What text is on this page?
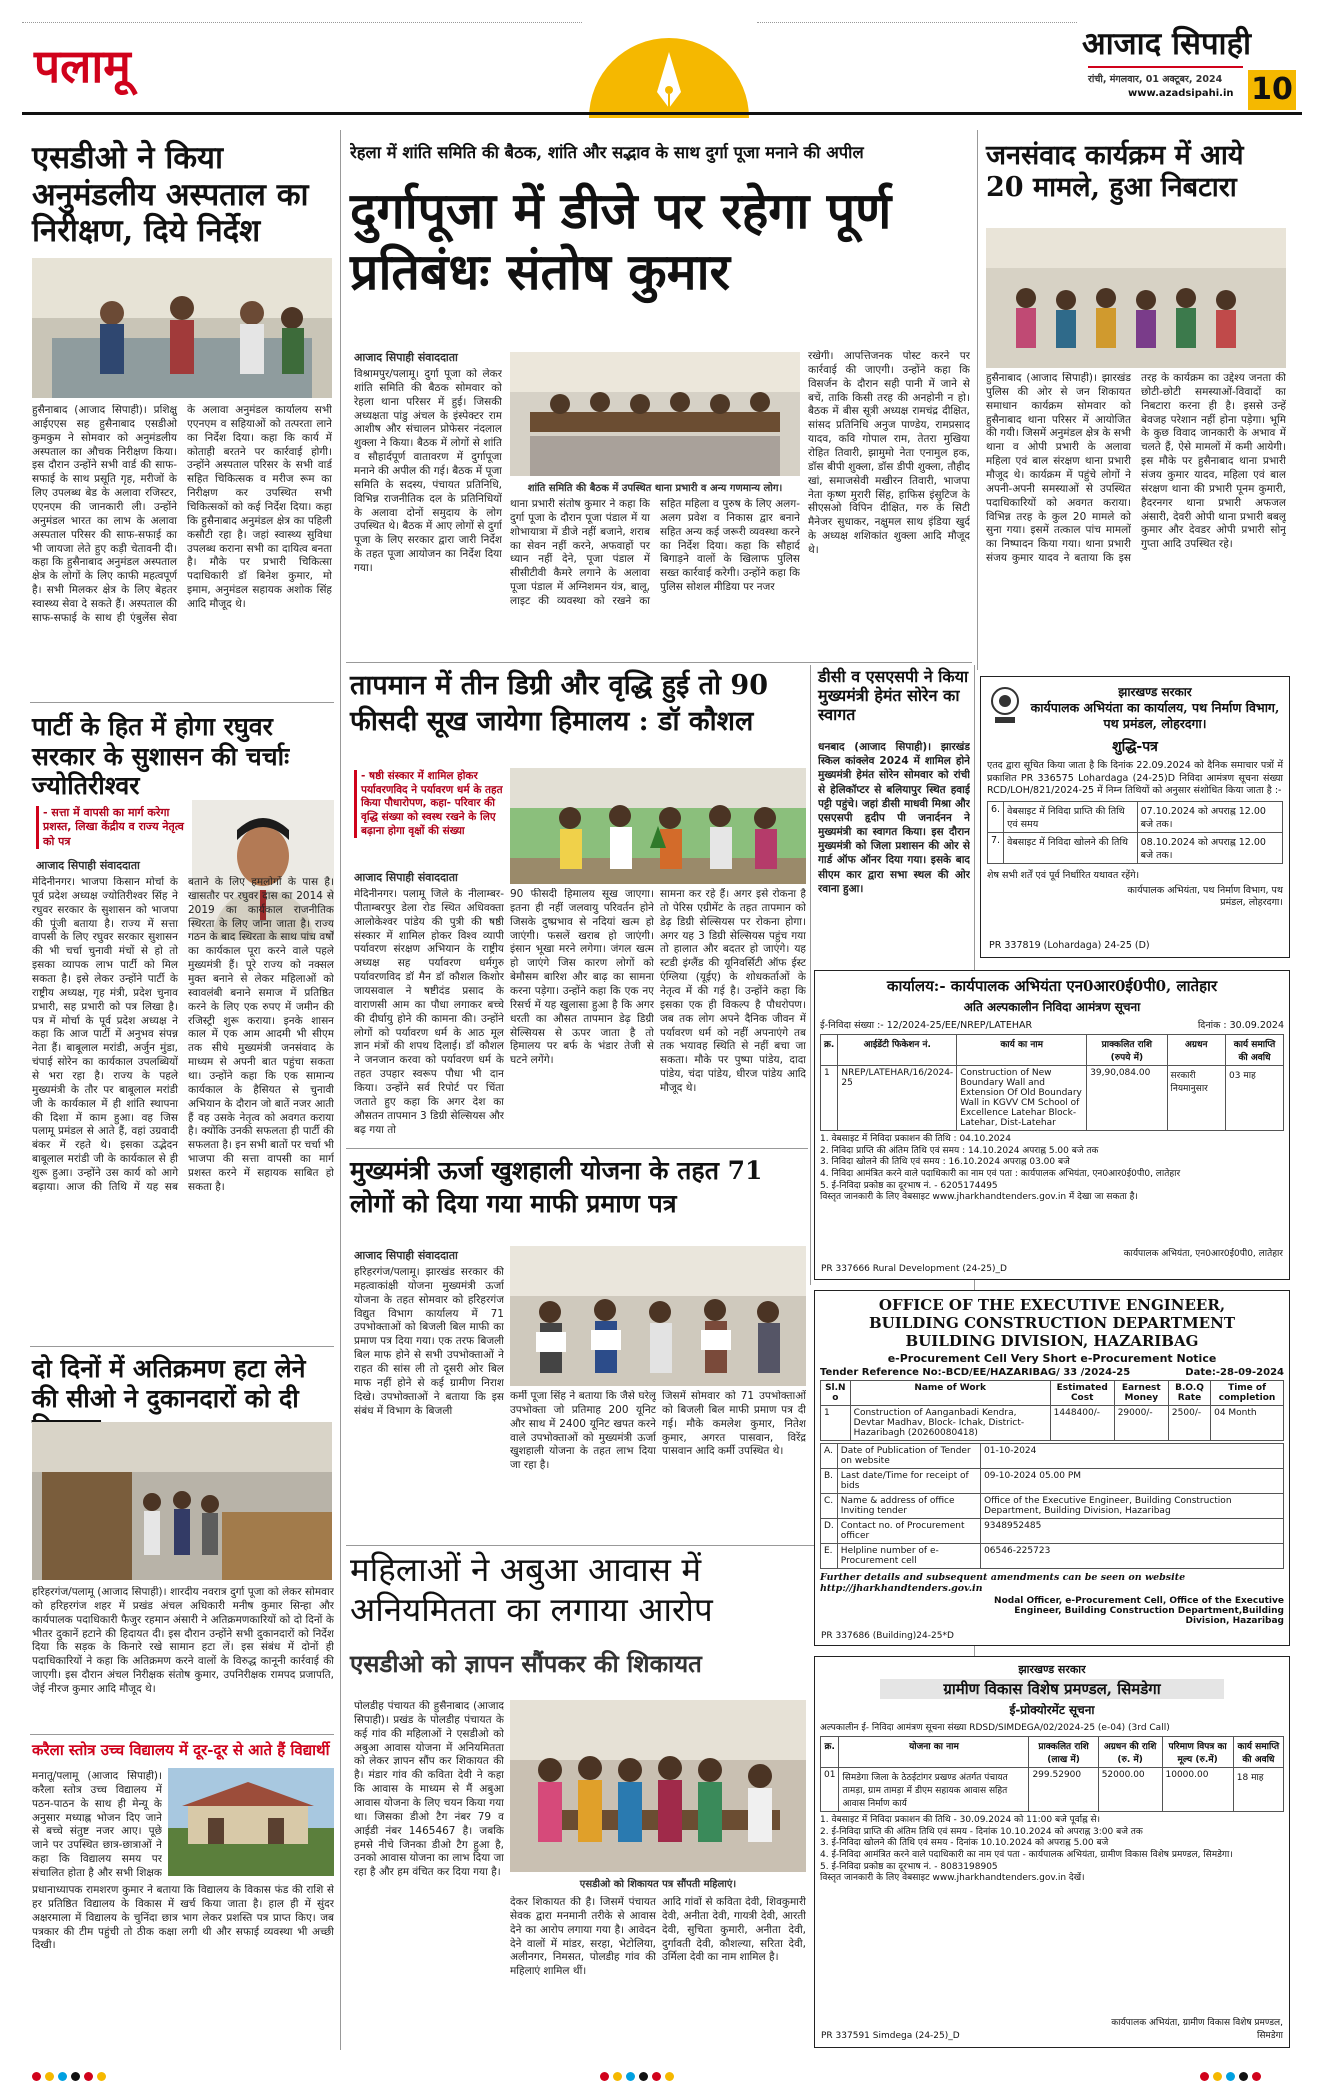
पलामू	आजाद सिपाही
रांची, मंगलवार, 01 अक्टूबर, 2024
www.azadsipahi.in 10
एसडीओ ने किया अनुमंडलीय अस्पताल का निरीक्षण, दिये निर्देश
हुसैनाबाद (आजाद सिपाही)। प्रशिक्षु आईएएस सह हुसैनाबाद एसडीओ कुमकुम ने सोमवार को अनुमंडलीय अस्पताल का औचक निरीक्षण किया। इस दौरान उन्होंने सभी वार्ड की साफ-सफाई के साथ प्रसूति गृह, मरीजों के लिए उपलब्ध बेड के अलावा रजिस्टर, एएनएम की जानकारी ली। उन्होंने अनुमंडल भारत का लाभ के अलावा अस्पताल परिसर की साफ-सफाई का भी जायजा लेते हुए कड़ी चेतावनी दी। कहा कि हुसैनाबाद अनुमंडल अस्पताल क्षेत्र के लोगों के लिए काफी महत्वपूर्ण है। सभी मिलकर क्षेत्र के लिए बेहतर स्वास्थ्य सेवा दे सकते हैं। अस्पताल की साफ-सफाई के साथ ही एंबुलेंस सेवा के अलावा अनुमंडल कार्यालय सभी एएनएम व सहियाओं को तत्परता लाने का निर्देश दिया। कहा कि कार्य में कोताही बरतने पर कार्रवाई होगी। उन्होंने अस्पताल परिसर के सभी वार्ड सहित चिकित्सक व मरीज रूम का निरीक्षण कर उपस्थित सभी चिकित्सकों को कई निर्देश दिया। कहा कि हुसैनाबाद अनुमंडल क्षेत्र का पहिली कसौटी रहा है। जहां स्वास्थ्य सुविधा उपलब्ध कराना सभी का दायित्व बनता है। मौके पर प्रभारी चिकित्सा पदाधिकारी डॉ बिनेश कुमार, मो इमाम, अनुमंडल सहायक अशोक सिंह आदि मौजूद थे।
पार्टी के हित में होगा रघुवर सरकार के सुशासन की चर्चाः ज्योतिरीश्वर
- सत्ता में वापसी का मार्ग करेगा प्रशस्त, लिखा केंद्रीय व राज्य नेतृत्व को पत्र
आजाद सिपाही संवाददाता
मेदिनीनगर। भाजपा किसान मोर्चा के पूर्व प्रदेश अध्यक्ष ज्योतिरीश्वर सिंह ने रघुवर सरकार के सुशासन को भाजपा की पूंजी बताया है। राज्य में सत्ता वापसी के लिए रघुवर सरकार सुशासन की भी चर्चा चुनावी मंचों से हो तो इसका व्यापक लाभ पार्टी को मिल सकता है। इसे लेकर उन्होंने पार्टी के राष्ट्रीय अध्यक्ष, गृह मंत्री, प्रदेश चुनाव प्रभारी, सह प्रभारी को पत्र लिखा है। पत्र में मोर्चा के पूर्व प्रदेश अध्यक्ष ने कहा कि आज पार्टी में अनुभव संपन्न नेता हैं। बाबूलाल मरांडी, अर्जुन मुंडा, चंपाई सोरेन का कार्यकाल उपलब्धियों से भरा रहा है। राज्य के पहले मुख्यमंत्री के तौर पर बाबूलाल मरांडी जी के कार्यकाल में ही शांति स्थापना की दिशा में काम हुआ। वह जिस पलामू प्रमंडल से आते हैं, वहां उग्रवादी बंकर में रहते थे। इसका उद्भेदन बाबूलाल मरांडी जी के कार्यकाल से ही शुरू हुआ। उन्होंने उस कार्य को आगे बढ़ाया। आज की तिथि में यह सब बताने के लिए हमलोगों के पास है। खासतौर पर रघुवर दास का 2014 से 2019 का कार्यकाल राजनीतिक स्थिरता के लिए जाना जाता है। राज्य गठन के बाद स्थिरता के साथ पांच वर्षों का कार्यकाल पूरा करने वाले पहले मुख्यमंत्री हैं। पूरे राज्य को नक्सल मुक्त बनाने से लेकर महिलाओं को स्वावलंबी बनाने समाज में प्रतिष्ठित करने के लिए एक रुपए में जमीन की रजिस्ट्री शुरू कराया। इनके शासन काल में एक आम आदमी भी सीएम तक सीधे मुख्यमंत्री जनसंवाद के माध्यम से अपनी बात पहुंचा सकता था। उन्होंने कहा कि एक सामान्य कार्यकाल के हैसियत से चुनावी अभियान के दौरान जो बातें नजर आती हैं वह उसके नेतृत्व को अवगत कराया है। क्योंकि उनकी सफलता ही पार्टी की सफलता है। इन सभी बातों पर चर्चा भी भाजपा की सत्ता वापसी का मार्ग प्रशस्त करने में सहायक साबित हो सकता है।
दो दिनों में अतिक्रमण हटा लेने की सीओ ने दुकानदारों को दी
हरिहरगंज/पलामू (आजाद सिपाही)। शारदीय नवरात्र दुर्गा पूजा को लेकर सोमवार को हरिहरगंज शहर में प्रखंड अंचल अधिकारी मनीष कुमार सिन्हा और कार्यपालक पदाधिकारी फैजुर रहमान अंसारी ने अतिक्रमणकारियों को दो दिनों के भीतर दुकानें हटाने की हिदायत दी। इस दौरान उन्होंने सभी दुकानदारों को निर्देश दिया कि सड़क के किनारे रखे सामान हटा लें। इस संबंध में दोनों ही पदाधिकारियों ने कहा कि अतिक्रमण करने वालों के विरुद्ध कानूनी कार्रवाई की जाएगी। इस दौरान अंचल निरीक्षक संतोष कुमार, उपनिरीक्षक रामपद प्रजापति, जेई नीरज कुमार आदि मौजूद थे।
करैला स्तोत्र उच्च विद्यालय में दूर-दूर से आते हैं विद्यार्थी
मनातू/पलामू (आजाद सिपाही)। करैला स्तोत्र उच्च विद्यालय में पठन-पाठन के साथ ही मेन्यू के अनुसार मध्याह्न भोजन दिए जाने से बच्चे संतुष्ट नजर आए। पूछे जाने पर उपस्थित छात्र-छात्राओं ने कहा कि विद्यालय समय पर संचालित होता है और सभी शिक्षक
प्रधानाध्यापक रामशरण कुमार ने बताया कि विद्यालय के विकास फंड की राशि से हर प्रतिष्ठित विद्यालय के विकास में खर्च किया जाता है। हाल ही में सुंदर अक्षरमाला में विद्यालय के चुनिंदा छात्र भाग लेकर प्रशस्ति पत्र प्राप्त किए। जब पत्रकार की टीम पहुंची तो ठीक कक्षा लगी थी और सफाई व्यवस्था भी अच्छी दिखी।
रेहला में शांति समिति की बैठक, शांति और सद्भाव के साथ दुर्गा पूजा मनाने की अपील
दुर्गापूजा में डीजे पर रहेगा पूर्ण प्रतिबंधः संतोष कुमार
आजाद सिपाही संवाददाता
विश्रामपुर/पलामू। दुर्गा पूजा को लेकर शांति समिति की बैठक सोमवार को रेहला थाना परिसर में हुई। जिसकी अध्यक्षता पांडु अंचल के इंस्पेक्टर राम आशीष और संचालन प्रोफेसर नंदलाल शुक्ला ने किया। बैठक में लोगों से शांति व सौहार्दपूर्ण वातावरण में दुर्गापूजा मनाने की अपील की गई। बैठक में पूजा समिति के सदस्य, पंचायत प्रतिनिधि, विभिन्न राजनीतिक दल के प्रतिनिधियों के अलावा दोनों समुदाय के लोग उपस्थित थे। बैठक में आए लोगों से दुर्गा पूजा के लिए सरकार द्वारा जारी निर्देश के तहत पूजा आयोजन का निर्देश दिया गया।
शांति समिति की बैठक में उपस्थित थाना प्रभारी व अन्य गणमान्य लोग।
थाना प्रभारी संतोष कुमार ने कहा कि दुर्गा पूजा के दौरान पूजा पंडाल में या शोभायात्रा में डीजे नहीं बजाने, शराब का सेवन नहीं करने, अफवाहों पर ध्यान नहीं देने, पूजा पंडाल में सीसीटीवी कैमरे लगाने के अलावा पूजा पंडाल में अग्निशमन यंत्र, बालू, लाइट की व्यवस्था को रखने का सहित महिला व पुरुष के लिए अलग-अलग प्रवेश व निकास द्वार बनाने सहित अन्य कई जरूरी व्यवस्था करने का निर्देश दिया। कहा कि सौहार्द बिगाड़ने वालों के खिलाफ पुलिस सख्त कार्रवाई करेगी। उन्होंने कहा कि पुलिस सोशल मीडिया पर नजर
रखेगी। आपत्तिजनक पोस्ट करने पर कार्रवाई की जाएगी। उन्होंने कहा कि विसर्जन के दौरान सही पानी में जाने से बचें, ताकि किसी तरह की अनहोनी न हो। बैठक में बीस सूत्री अध्यक्ष रामचंद्र दीक्षित, सांसद प्रतिनिधि अनुज पाण्डेय, रामप्रसाद यादव, कवि गोपाल राम, तेतरा मुखिया रोहित तिवारी, झामुमो नेता एनामुल हक, डॉस बीपी शुक्ला, डॉस डीपी शुक्ला, तौहीद खां, समाजसेवी मखीरन तिवारी, भाजपा नेता कृष्ण मुरारी सिंह, हाफिस इंसुटिज के सीएसओ विपिन दीक्षित, गरु के सिटी मैनेजर सुधाकर, नक्षुमल साथ इंडिया खुर्द के अध्यक्ष शशिकांत शुक्ला आदि मौजूद थे।
जनसंवाद कार्यक्रम में आये 20 मामले, हुआ निबटारा
हुसैनाबाद (आजाद सिपाही)। झारखंड पुलिस की ओर से जन शिकायत समाधान कार्यक्रम सोमवार को हुसैनाबाद थाना परिसर में आयोजित की गयी। जिसमें अनुमंडल क्षेत्र के सभी थाना व ओपी प्रभारी के अलावा महिला एवं बाल संरक्षण थाना प्रभारी मौजूद थे। कार्यक्रम में पहुंचे लोगों ने अपनी-अपनी समस्याओं से उपस्थित पदाधिकारियों को अवगत कराया। विभिन्न तरह के कुल 20 मामले को सुना गया। इसमें तत्काल पांच मामलों का निष्पादन किया गया। थाना प्रभारी संजय कुमार यादव ने बताया कि इस तरह के कार्यक्रम का उद्देश्य जनता की छोटी-छोटी समस्याओं-विवादों का निबटारा करना ही है। इससे उन्हें बेवजह परेशान नहीं होना पड़ेगा। भूमि के कुछ विवाद जानकारी के अभाव में चलते हैं, ऐसे मामलों में कमी आयेगी। इस मौके पर हुसैनाबाद थाना प्रभारी संजय कुमार यादव, महिला एवं बाल संरक्षण थाना की प्रभारी पूनम कुमारी, हैदरनगर थाना प्रभारी अफजल अंसारी, देवरी ओपी थाना प्रभारी बबलू कुमार और देवडर ओपी प्रभारी सोनू गुप्ता आदि उपस्थित रहे।
तापमान में तीन डिग्री और वृद्धि हुई तो 90 फीसदी सूख जायेगा हिमालय : डॉ कौशल
- षष्ठी संस्कार में शामिल होकर पर्यावरणविद ने पर्यावरण धर्म के तहत किया पौधारोपण, कहा- परिवार की वृद्धि संख्या को स्वस्थ रखने के लिए बढ़ाना होगा वृक्षों की संख्या
आजाद सिपाही संवाददाता
मेदिनीनगर। पलामू जिले के नीलाम्बर-पीताम्बरपुर डेला रोड स्थित अधिवक्ता आलोकेश्वर पांडेय की पुत्री की षष्ठी संस्कार में शामिल होकर विश्व व्यापी पर्यावरण संरक्षण अभियान के राष्ट्रीय अध्यक्ष सह पर्यावरण धर्मगुरु पर्यावरणविद डॉ मैन डॉ कौशल किशोर जायसवाल ने षष्टीदंड प्रसाद के वाराणसी आम का पौधा लगाकर बच्चे की दीर्घायु होने की कामना की। उन्होंने लोगों को पर्यावरण धर्म के आठ मूल ज्ञान मंत्रों की शपथ दिलाई। डॉ कौशल ने जनजान करवा को पर्यावरण धर्म के तहत उपहार स्वरूप पौधा भी दान किया। उन्होंने सर्व रिपोर्ट पर चिंता जताते हुए कहा कि अगर देश का औसतन तापमान 3 डिग्री सेल्सियस और बढ़ गया तो
90 फीसदी हिमालय सूख जाएगा। इतना ही नहीं जलवायु परिवर्तन होने जिसके दुष्प्रभाव से नदियां खत्म हो जाएंगी। फसलें खराब हो जाएंगी। इंसान भूखा मरने लगेगा। जंगल खत्म हो जाएंगे जिस कारण लोगों को बेमौसम बारिश और बाढ़ का सामना करना पड़ेगा। उन्होंने कहा कि एक नए रिसर्च में यह खुलासा हुआ है कि अगर धरती का औसत तापमान डेढ़ डिग्री सेल्सियस से ऊपर जाता है तो हिमालय पर बर्फ के भंडार तेजी से घटने लगेंगे।
सामना कर रहे हैं। अगर इसे रोकना है तो पेरिस एग्रीमेंट के तहत तापमान को डेढ़ डिग्री सेल्सियस पर रोकना होगा। अगर यह 3 डिग्री सेल्सियस पहुंच गया तो हालात और बदतर हो जाएंगे। यह स्टडी इंग्लैंड की यूनिवर्सिटी ऑफ ईस्ट एंग्लिया (यूईए) के शोधकर्ताओं के नेतृत्व में की गई है। उन्होंने कहा कि इसका एक ही विकल्प है पौधरोपण। जब तक लोग अपने दैनिक जीवन में पर्यावरण धर्म को नहीं अपनाएंगे तब तक भयावह स्थिति से नहीं बचा जा सकता। मौके पर पुष्पा पांडेय, दादा पांडेय, चंदा पांडेय, धीरज पांडेय आदि मौजूद थे।
डीसी व एसएसपी ने किया मुख्यमंत्री हेमंत सोरेन का स्वागत
धनबाद (आजाद सिपाही)। झारखंड स्किल कांक्लेव 2024 में शामिल होने मुख्यमंत्री हेमंत सोरेन सोमवार को रांची से हेलिकॉप्टर से बलियापुर स्थित हवाई पट्टी पहुंचे। जहां डीसी माधवी मिश्रा और एसएसपी हृदीप पी जनार्दनन ने मुख्यमंत्री का स्वागत किया। इस दौरान मुख्यमंत्री को जिला प्रशासन की ओर से गार्ड ऑफ ऑनर दिया गया। इसके बाद सीएम कार द्वारा सभा स्थल की ओर रवाना हुआ।
मुख्यमंत्री ऊर्जा खुशहाली योजना के तहत 71 लोगों को दिया गया माफी प्रमाण पत्र
आजाद सिपाही संवाददाता
हरिहरगंज/पलामू। झारखंड सरकार की महत्वाकांक्षी योजना मुख्यमंत्री ऊर्जा योजना के तहत सोमवार को हरिहरगंज विद्युत विभाग कार्यालय में 71 उपभोक्ताओं को बिजली बिल माफी का प्रमाण पत्र दिया गया। एक तरफ बिजली बिल माफ होने से सभी उपभोक्ताओं ने राहत की सांस ली तो दूसरी ओर बिल माफ नहीं होने से कई ग्रामीण निराश दिखे। उपभोक्ताओं ने बताया कि इस संबंध में विभाग के बिजली
कर्मी पूजा सिंह ने बताया कि जैसे घरेलू उपभोक्ता जो प्रतिमाह 200 यूनिट और साथ में 2400 यूनिट खपत करने वाले उपभोक्ताओं को मुख्यमंत्री ऊर्जा खुशहाली योजना के तहत लाभ दिया जा रहा है।
जिसमें सोमवार को 71 उपभोक्ताओं को बिजली बिल माफी प्रमाण पत्र दी गई। मौके कमलेश कुमार, नितेश कुमार, अगरत पासवान, विरेंद्र पासवान आदि कर्मी उपस्थित थे।
महिलाओं ने अबुआ आवास में अनियमितता का लगाया आरोप
एसडीओ को ज्ञापन सौंपकर की शिकायत
पोलडीह पंचायत की हुसैनाबाद (आजाद सिपाही)। प्रखंड के पोलडीह पंचायत के कई गांव की महिलाओं ने एसडीओ को अबुआ आवास योजना में अनियमितता को लेकर ज्ञापन सौंप कर शिकायत की है। मंडार गांव की कविता देवी ने कहा कि आवास के माध्यम से मैं अबुआ आवास योजना के लिए चयन किया गया था। जिसका डीओ टैग नंबर 79 व आईडी नंबर 1465467 है। जबकि हमसे नीचे जिनका डीओ टैग हुआ है, उनको आवास योजना का लाभ दिया जा रहा है और हम वंचित कर दिया गया है।
एसडीओ को शिकायत पत्र सौंपती महिलाएं।
देकर शिकायत की है। जिसमें पंचायत सेवक द्वारा मनमानी तरीके से आवास देने का आरोप लगाया गया है। आवेदन देने वालों में मांडर, सरहा, भेटोलिया, अलीनगर, निमसत, पोलडीह गांव की महिलाएं शामिल थीं।
आदि गांवों से कविता देवी, शिवकुमारी देवी, अनीता देवी, गायत्री देवी, आरती देवी, सुचिता कुमारी, अनीता देवी, दुर्गावती देवी, कौशल्या, सरिता देवी, उर्मिला देवी का नाम शामिल है।
झारखण्ड सरकार
कार्यपालक अभियंता का कार्यालय, पथ निर्माण विभाग, पथ प्रमंडल, लोहरदगा।
शुद्धि-पत्र
एतद द्वारा सूचित किया जाता है कि दिनांक 22.09.2024 को दैनिक समाचार पत्रों में प्रकाशित PR 336575 Lohardaga (24-25)D निविदा आमंत्रण सूचना संख्या RCD/LOH/821/2024-25 में निम्न तिथियों को अनुसार संशोधित किया जाता है :-
6.	वेबसाइट में निविदा प्राप्ति की तिथि एवं समय	07.10.2024 को अपराह्न 12.00 बजे तक।
7.	वेबसाइट में निविदा खोलने की तिथि	08.10.2024 को अपराह्न 12.00 बजे तक।
शेष सभी शर्तें एवं पूर्व निर्धारित यथावत रहेंगे।
कार्यपालक अभियंता, पथ निर्माण विभाग, पथ प्रमंडल, लोहरदगा।
PR 337819 (Lohardaga) 24-25 (D)
कार्यालय:- कार्यपालक अभियंता एन0आर0ई0पी0, लातेहार
अति अल्पकालीन निविदा आमंत्रण सूचना
ई-निविदा संख्या :- 12/2024-25/EE/NREP/LATEHAR	दिनांक : 30.09.2024
क्र.	आईडेंटी फिकेशन नं.	कार्य का नाम	प्राक्कलित राशि (रुपये में)	अग्रधन	कार्य समाप्ति की अवधि
1	NREP/LATEHAR/16/2024-25	Construction of New Boundary Wall and Extension Of Old Boundary Wall in KGVV CM School of Excellence Latehar Block-Latehar, Dist-Latehar	39,90,084.00	सरकारी नियमानुसार	03 माह
1. वेबसाइट में निविदा प्रकाशन की तिथि : 04.10.2024
2. निविदा प्राप्ति की अंतिम तिथि एवं समय : 14.10.2024 अपराह्न 5.00 बजे तक
3. निविदा खोलने की तिथि एवं समय : 16.10.2024 अपराह्न 03.00 बजे
4. निविदा आमंत्रित करने वाले पदाधिकारी का नाम एवं पता : कार्यपालक अभियंता, एन0आर0ई0पी0, लातेहार
5. ई-निविदा प्रकोष्ठ का दूरभाष नं. - 6205174495
विस्तृत जानकारी के लिए वेबसाइट www.jharkhandtenders.gov.in में देखा जा सकता है।
कार्यपालक अभियंता, एन0आर0ई0पी0, लातेहार
PR 337666 Rural Development (24-25)_D
OFFICE OF THE EXECUTIVE ENGINEER,
BUILDING CONSTRUCTION DEPARTMENT
BUILDING DIVISION, HAZARIBAG
e-Procurement Cell Very Short e-Procurement Notice
Tender Reference No:-BCD/EE/HAZARIBAG/ 33 /2024-25	Date:-28-09-2024
Sl.N o	Name of Work	Estimated Cost	Earnest Money	B.O.Q Rate	Time of completion
1	Construction of Aanganbadi Kendra, Devtar Madhav, Block- Ichak, District- Hazaribagh (20260080418)	1448400/-	29000/-	2500/-	04 Month
A.	Date of Publication of Tender on website	01-10-2024
B.	Last date/Time for receipt of bids	09-10-2024 05.00 PM
C.	Name & address of office Inviting tender	Office of the Executive Engineer, Building Construction Department, Building Division, Hazaribag
D.	Contact no. of Procurement officer	9348952485
E.	Helpline number of e-Procurement cell	06546-225723
Further details and subsequent amendments can be seen on website http://jharkhandtenders.gov.in
Nodal Officer, e-Procurement Cell, Office of the Executive Engineer, Building Construction Department,Building Division, Hazaribag
PR 337686 (Building)24-25*D
झारखण्ड सरकार
ग्रामीण विकास विशेष प्रमण्डल, सिमडेगा
ई-प्रोक्योरमेंट सूचना
अल्पकालीन ई- निविदा आमंत्रण सूचना संख्या RDSD/SIMDEGA/02/2024-25 (e-04) (3rd Call)
क्र.	योजना का नाम	प्राक्कलित राशि (लाख में)	अग्रधन की राशि (रु. में)	परिमाण विपत्र का मूल्य (रु.में)	कार्य समाप्ति की अवधि
01	सिमडेगा जिला के ठेठईटांगर प्रखण्ड अंतर्गत पंचायत तामड़ा, ग्राम तामड़ा में डीएम सहायक आवास सहित आवास निर्माण कार्य	299.52900	52000.00	10000.00	18 माह
1. वेबसाइट में निविदा प्रकाशन की तिथि - 30.09.2024 को 11:00 बजे पूर्वाह्न से।
2. ई-निविदा प्राप्ति की अंतिम तिथि एवं समय - दिनांक 10.10.2024 को अपराह्न 3:00 बजे तक
3. ई-निविदा खोलने की तिथि एवं समय - दिनांक 10.10.2024 को अपराह्न 5.00 बजे
4. ई-निविदा आमंत्रित करने वाले पदाधिकारी का नाम एवं पता - कार्यपालक अभियंता, ग्रामीण विकास विशेष प्रमण्डल, सिमडेगा।
5. ई-निविदा प्रकोष्ठ का दूरभाष नं. - 8083198905
विस्तृत जानकारी के लिए वेबसाइट www.jharkhandtenders.gov.in देखें।
कार्यपालक अभियंता, ग्रामीण विकास विशेष प्रमण्डल, सिमडेगा
PR 337591 Simdega (24-25)_D
